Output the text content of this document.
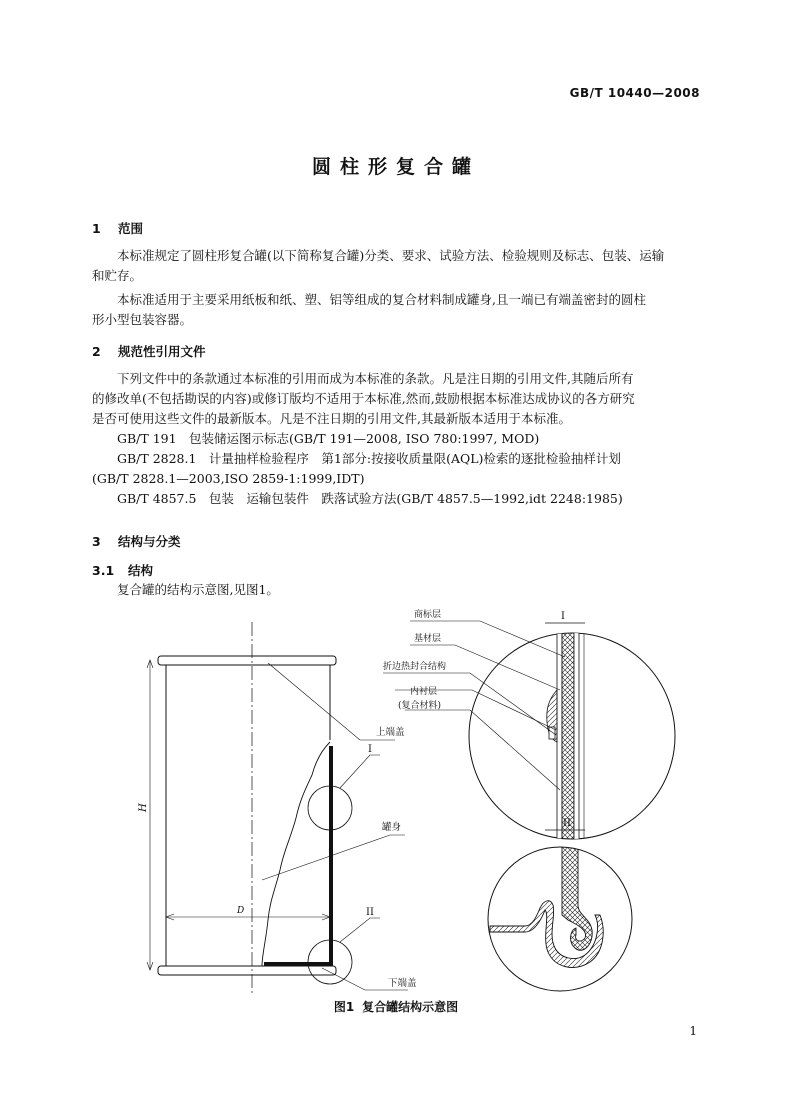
GB/T 10440—2008
圆柱形复合罐
1 范围
本标准规定了圆柱形复合罐(以下简称复合罐)分类、要求、试验方法、检验规则及标志、包装、运输
和贮存。
本标准适用于主要采用纸板和纸、塑、铝等组成的复合材料制成罐身,且一端已有端盖密封的圆柱
形小型包装容器。
2 规范性引用文件
下列文件中的条款通过本标准的引用而成为本标准的条款。凡是注日期的引用文件,其随后所有
的修改单(不包括勘误的内容)或修订版均不适用于本标准,然而,鼓励根据本标准达成协议的各方研究
是否可使用这些文件的最新版本。凡是不注日期的引用文件,其最新版本适用于本标准。
GB/T 191　包装储运图示标志(GB/T 191—2008, ISO 780:1997, MOD)
GB/T 2828.1　计量抽样检验程序　第1部分:按接收质量限(AQL)检索的逐批检验抽样计划
(GB/T 2828.1—2003,ISO 2859-1:1999,IDT)
GB/T 4857.5　包装　运输包装件　跌落试验方法(GB/T 4857.5—1992,idt 2248:1985)
3 结构与分类
3.1 结构
复合罐的结构示意图,见图1。
H
D
上端盖
I
罐身
II
下端盖
I
商标层
基材层
折边热封合结构
内衬层
(复合材料)
II
图1 复合罐结构示意图
1
